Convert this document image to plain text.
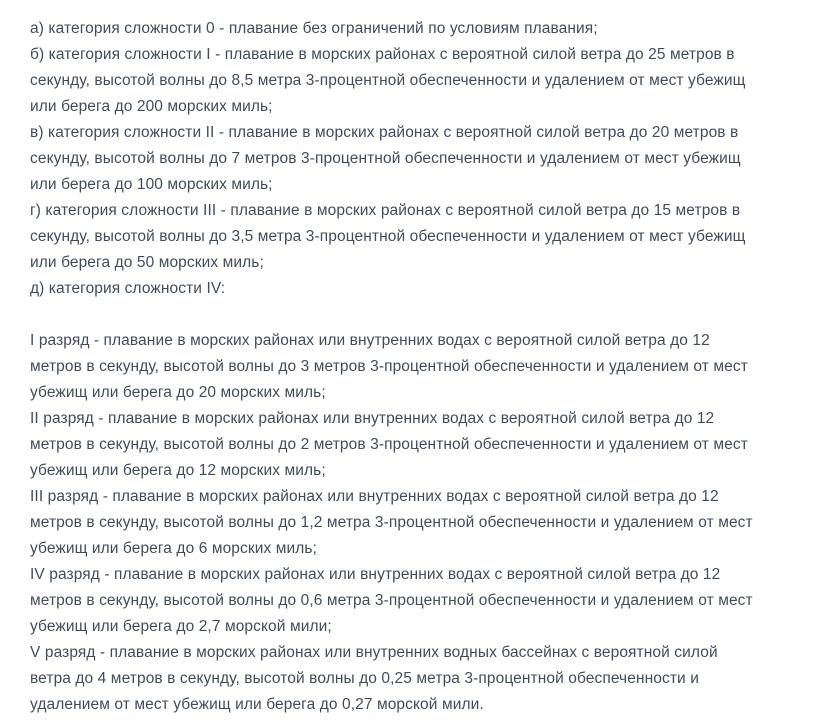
а) категория сложности 0 - плавание без ограничений по условиям плавания;

б) категория сложности I - плавание в морских районах с вероятной силой ветра до 25 метров в
секунду, высотой волны до 8,5 метра 3-процентной обеспеченности и удалением от мест убежищ
или берега до 200 морских миль;

в) категория сложности II - плавание в морских районах с вероятной силой ветра до 20 метров в
секунду, высотой волны до 7 метров 3-процентной обеспеченности и удалением от мест убежищ
или берега до 100 морских миль;

г) категория сложности III - плавание в морских районах с вероятной силой ветра до 15 метров в
секунду, высотой волны до 3,5 метра 3-процентной обеспеченности и удалением от мест убежищ
или берега до 50 морских миль;

д) категория сложности IV:

I разряд - плавание в морских районах или внутренних водах с вероятной силой ветра до 12
метров в секунду, высотой волны до 3 метров 3-процентной обеспеченности и удалением от мест
убежищ или берега до 20 морских миль;

II разряд - плавание в морских районах или внутренних водах с вероятной силой ветра до 12
метров в секунду, высотой волны до 2 метров 3-процентной обеспеченности и удалением от мест
убежищ или берега до 12 морских миль;

III разряд - плавание в морских районах или внутренних водах с вероятной силой ветра до 12
метров в секунду, высотой волны до 1,2 метра 3-процентной обеспеченности и удалением от мест
убежищ или берега до 6 морских миль;

IV разряд - плавание в морских районах или внутренних водах с вероятной силой ветра до 12
метров в секунду, высотой волны до 0,6 метра 3-процентной обеспеченности и удалением от мест
убежищ или берега до 2,7 морской мили;

V разряд - плавание в морских районах или внутренних водных бассейнах с вероятной силой
ветра до 4 метров в секунду, высотой волны до 0,25 метра 3-процентной обеспеченности и
удалением от мест убежищ или берега до 0,27 морской мили.
